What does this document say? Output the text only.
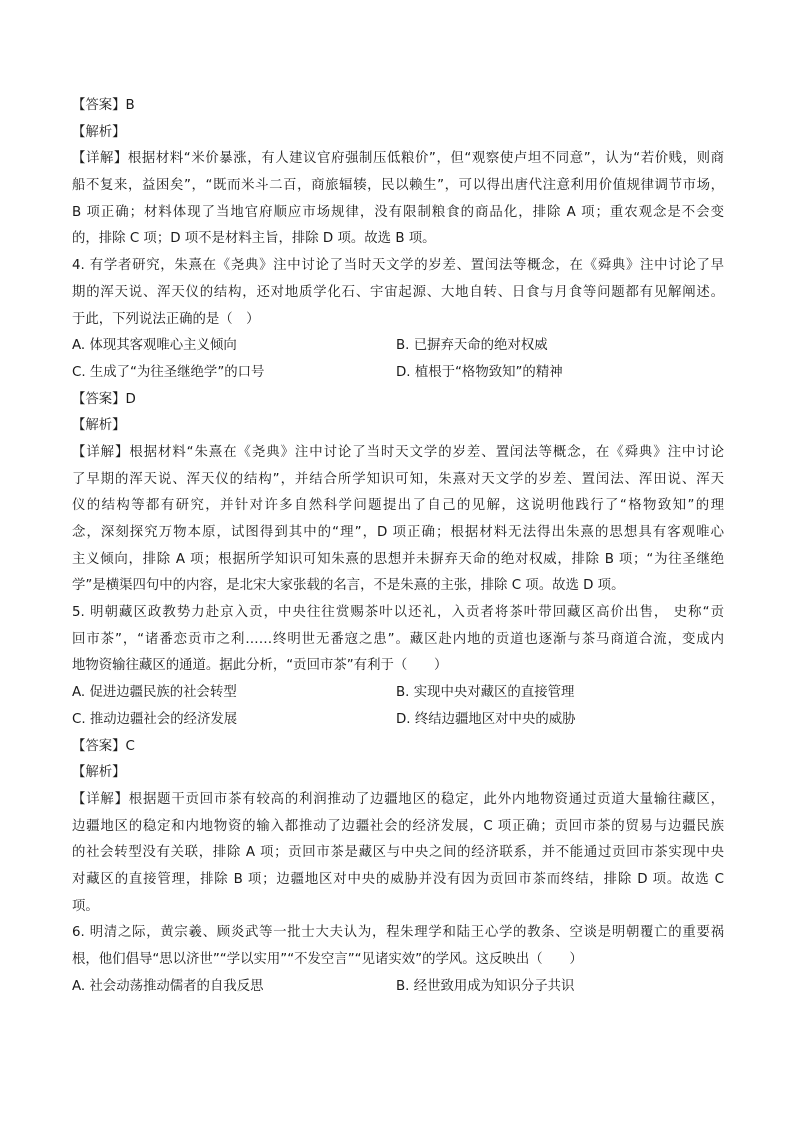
【答案】B
【解析】
【详解】根据材料“米价暴涨，有人建议官府强制压低粮价”，但“观察使卢坦不同意”，认为“若价贱，则商
船不复来，益困矣”，“既而米斗二百，商旅辐辏，民以赖生”，可以得出唐代注意利用价值规律调节市场，
B 项正确；材料体现了当地官府顺应市场规律，没有限制粮食的商品化，排除 A 项；重农观念是不会变
的，排除 C 项；D 项不是材料主旨，排除 D 项。故选 B 项。
4. 有学者研究，朱熹在《尧典》注中讨论了当时天文学的岁差、置闰法等概念，在《舜典》注中讨论了早
期的浑天说、浑天仪的结构，还对地质学化石、宇宙起源、大地自转、日食与月食等问题都有见解阐述。
于此，下列说法正确的是（　）
A. 体现其客观唯心主义倾向	B. 已摒弃天命的绝对权威
C. 生成了“为往圣继绝学”的口号	D. 植根于“格物致知”的精神
【答案】D
【解析】
【详解】根据材料“朱熹在《尧典》注中讨论了当时天文学的岁差、置闰法等概念，在《舜典》注中讨论
了早期的浑天说、浑天仪的结构”，并结合所学知识可知，朱熹对天文学的岁差、置闰法、浑田说、浑天
仪的结构等都有研究，并针对许多自然科学问题提出了自己的见解，这说明他践行了“格物致知”的理
念，深刻探究万物本原，试图得到其中的“理”，D 项正确；根据材料无法得出朱熹的思想具有客观唯心
主义倾向，排除 A 项；根据所学知识可知朱熹的思想并未摒弃天命的绝对权威，排除 B 项；“为往圣继绝
学”是横渠四句中的内容，是北宋大家张载的名言，不是朱熹的主张，排除 C 项。故选 D 项。
5. 明朝藏区政教势力赴京入贡，中央往往赏赐茶叶以还礼，入贡者将茶叶带回藏区高价出售， 史称“贡
回市茶”，“诸番恋贡市之利……终明世无番寇之患”。藏区赴内地的贡道也逐渐与茶马商道合流，变成内
地物资输往藏区的通道。据此分析，“贡回市茶”有利于（　　）
A. 促进边疆民族的社会转型	B. 实现中央对藏区的直接管理
C. 推动边疆社会的经济发展	D. 终结边疆地区对中央的威胁
【答案】C
【解析】
【详解】根据题干贡回市茶有较高的利润推动了边疆地区的稳定，此外内地物资通过贡道大量输往藏区，
边疆地区的稳定和内地物资的输入都推动了边疆社会的经济发展，C 项正确；贡回市茶的贸易与边疆民族
的社会转型没有关联，排除 A 项；贡回市茶是藏区与中央之间的经济联系，并不能通过贡回市茶实现中央
对藏区的直接管理，排除 B 项；边疆地区对中央的威胁并没有因为贡回市茶而终结，排除 D 项。故选 C
项。
6. 明清之际，黄宗羲、顾炎武等一批士大夫认为，程朱理学和陆王心学的教条、空谈是明朝覆亡的重要祸
根，他们倡导“思以济世”“学以实用”“不发空言”“见诸实效”的学风。这反映出（　　）
A. 社会动荡推动儒者的自我反思	B. 经世致用成为知识分子共识
